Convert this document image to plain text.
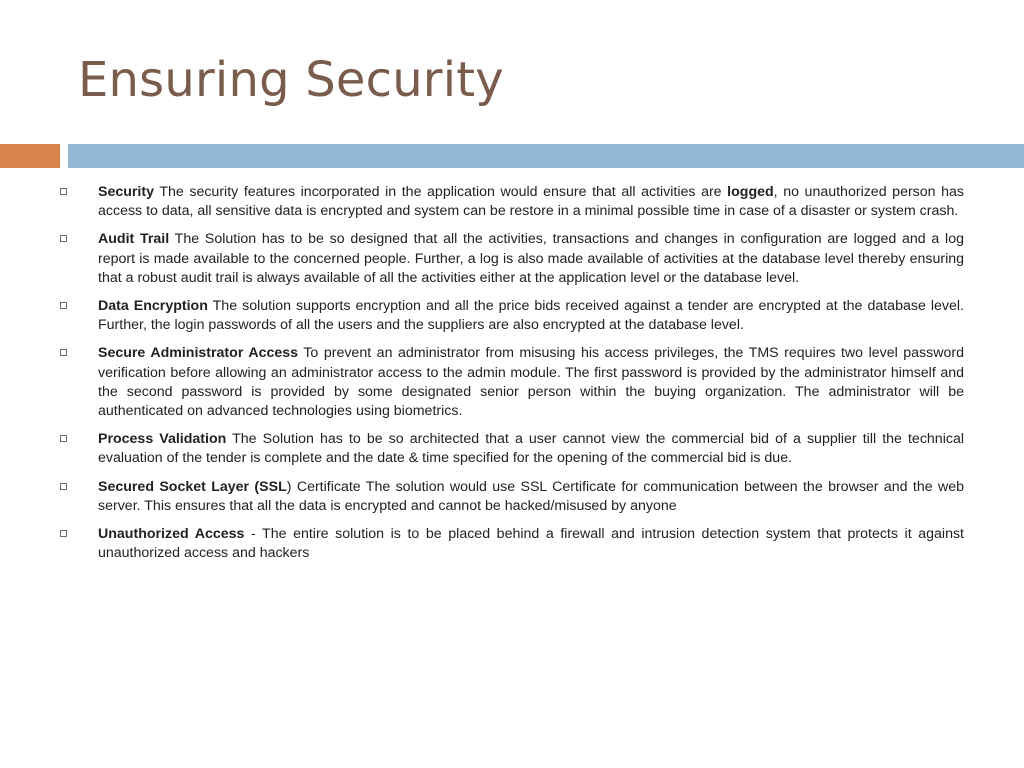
Ensuring Security
Security The security features incorporated in the application would ensure that all activities are logged, no unauthorized person has access to data, all sensitive data is encrypted and system can be restore in a minimal possible time in case of a disaster or system crash.
Audit Trail The Solution has to be so designed that all the activities, transactions and changes in configuration are logged and a log report is made available to the concerned people. Further, a log is also made available of activities at the database level thereby ensuring that a robust audit trail is always available of all the activities either at the application level or the database level.
Data Encryption The solution supports encryption and all the price bids received against a tender are encrypted at the database level. Further, the login passwords of all the users and the suppliers are also encrypted at the database level.
Secure Administrator Access To prevent an administrator from misusing his access privileges, the TMS requires two level password verification before allowing an administrator access to the admin module. The first password is provided by the administrator himself and the second password is provided by some designated senior person within the buying organization. The administrator will be authenticated on advanced technologies using biometrics.
Process Validation The Solution has to be so architected that a user cannot view the commercial bid of a supplier till the technical evaluation of the tender is complete and the date & time specified for the opening of the commercial bid is due.
Secured Socket Layer (SSL) Certificate The solution would use SSL Certificate for communication between the browser and the web server. This ensures that all the data is encrypted and cannot be hacked/misused by anyone
Unauthorized Access - The entire solution is to be placed behind a firewall and intrusion detection system that protects it against unauthorized access and hackers
